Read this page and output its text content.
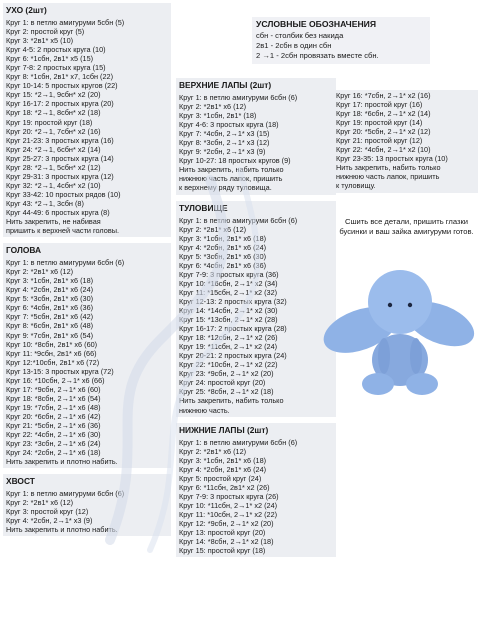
УХО (2шт)
Круг 1: в петлю амигуруми 5сбн (5)
Круг 2: простой круг (5)
Круг 3: *2в1* х5 (10)
Круг 4-5: 2 простых круга (10)
Круг 6: *1сбн, 2в1* х5 (15)
Круг 7-8: 2 простых круга (15)
Круг 8: *1сбн, 2в1* х7, 1сбн (22)
Круг 10-14: 5 простых кругов (22)
Круг 15: *2→1, 9сбн* х2 (20)
Круг 16-17: 2 простых круга (20)
Круг 18: *2→1, 8сбн* х2 (18)
Круг 19: простой круг (18)
Круг 20: *2→1, 7сбн* х2 (16)
Круг 21-23: 3 простых круга (16)
Круг 24: *2→1, 6сбн* х2 (14)
Круг 25-27: 3 простых круга (14)
Круг 28: *2→1, 5сбн* х2 (12)
Круг 29-31: 3 простых круга (12)
Круг 32: *2→1, 4сбн* х2 (10)
Круг 33-42: 10 простых рядов (10)
Круг 43: *2→1, 3сбн (8)
Круг 44-49: 6 простых круга (8)
Нить закрепить, не набивая
пришить к верхней части головы.
ГОЛОВА
Круг 1: в петлю амигуруми 6сбн (6)
Круг 2: *2в1* х6 (12)
Круг 3: *1сбн, 2в1* х6 (18)
Круг 4: *2сбн, 2в1* х6 (24)
Круг 5: *3сбн, 2в1* х6 (30)
Круг 6: *4сбн, 2в1* х6 (36)
Круг 7: *5сбн, 2в1* х6 (42)
Круг 8: *6сбн, 2в1* х6 (48)
Круг 9: *7сбн, 2в1* х6 (54)
Круг 10: *8сбн, 2в1* х6 (60)
Круг 11: *9сбн, 2в1* х6 (66)
Круг 12:*10сбн, 2в1* х6 (72)
Круг 13-15: 3 простых круга (72)
Круг 16: *10сбн, 2→1* х6 (66)
Круг 17: *9сбн, 2→1* х6 (60)
Круг 18: *8сбн, 2→1* х6 (54)
Круг 19: *7сбн, 2→1* х6 (48)
Круг 20: *6сбн, 2→1* х6 (42)
Круг 21: *5сбн, 2→1* х6 (36)
Круг 22: *4сбн, 2→1* х6 (30)
Круг 23: *3сбн, 2→1* х6 (24)
Круг 24: *2сбн, 2→1* х6 (18)
Нить закрепить и плотно набить.
ХВОСТ
Круг 1: в петлю амигуруми 6сбн (6)
Круг 2: *2в1* х6 (12)
Круг 3: простой круг (12)
Круг 4: *2сбн, 2→1* х3 (9)
Нить закрепить и плотно набить.
УСЛОВНЫЕ ОБОЗНАЧЕНИЯ
сбн - столбик без накида
2в1 - 2сбн в один сбн
2 →1 - 2сбн провязать вместе сбн.
ВЕРХНИЕ ЛАПЫ (2шт)
Круг 1: в петлю амигуруми 6сбн (6)
Круг 2: *2в1* х6 (12)
Круг 3: *1сбн, 2в1* (18)
Круг 4-6: 3 простых круга (18)
Круг 7: *4сбн, 2→1* х3 (15)
Круг 8: *3сбн, 2→1* х3 (12)
Круг 9: *2сбн, 2→1* х3 (9)
Круг 10-27: 18 простых кругов (9)
Нить закрепить, набить только
нижнюю часть лапок, пришить
к верхнему ряду туловища.
ТУЛОВИЩЕ
Круг 1: в петлю амигуруми 6сбн (6)
Круг 2: *2в1* х6 (12)
Круг 3: *1сбн, 2в1* х6 (18)
Круг 4: *2сбн, 2в1* х6 (24)
Круг 5: *3сбн, 2в1* х6 (30)
Круг 6: *4сбн, 2в1* х6 (36)
Круг 7-9: 3 простых круга (36)
Круг 10: *16сбн, 2→1* х2 (34)
Круг 11: *15сбн, 2→1* х2 (32)
Круг 12-13: 2 простых круга (32)
Круг 14: *14сбн, 2→1* х2 (30)
Круг 15: *13сбн, 2→1* х2 (28)
Круг 16-17: 2 простых круга (28)
Круг 18: *12сбн, 2→1* х2 (26)
Круг 19: *11сбн, 2→1* х2 (24)
Круг 20-21: 2 простых круга (24)
Круг 22: *10сбн, 2→1* х2 (22)
Круг 23: *9сбн, 2→1* х2 (20)
Круг 24: простой круг (20)
Круг 25: *8сбн, 2→1* х2 (18)
Нить закрепить, набить только
нижнюю часть.
НИЖНИЕ ЛАПЫ (2шт)
Круг 1: в петлю амигуруми 6сбн (6)
Круг 2: *2в1* х6 (12)
Круг 3: *1сбн, 2в1* х6 (18)
Круг 4: *2сбн, 2в1* х6 (24)
Круг 5: простой круг (24)
Круг 6: *11сбн, 2в1* х2 (26)
Круг 7-9: 3 простых круга (26)
Круг 10: *11сбн, 2→1* х2 (24)
Круг 11: *10сбн, 2→1* х2 (22)
Круг 12: *9сбн, 2→1* х2 (20)
Круг 13: простой круг (20)
Круг 14: *8сбн, 2→1* х2 (18)
Круг 15: простой круг (18)
Круг 16: *7сбн, 2→1* х2 (16)
Круг 17: простой круг (16)
Круг 18: *6сбн, 2→1* х2 (14)
Круг 19: простой круг (14)
Круг 20: *5сбн, 2→1* х2 (12)
Круг 21: простой круг (12)
Круг 22: *4сбн, 2→1* х2 (10)
Круг 23-35: 13 простых круга (10)
Нить закрепить, набить только
нижнюю часть лапок, пришить
к туловищу.
Сшить все детали, пришить глазки бусинки и ваш зайка амигуруми готов.
